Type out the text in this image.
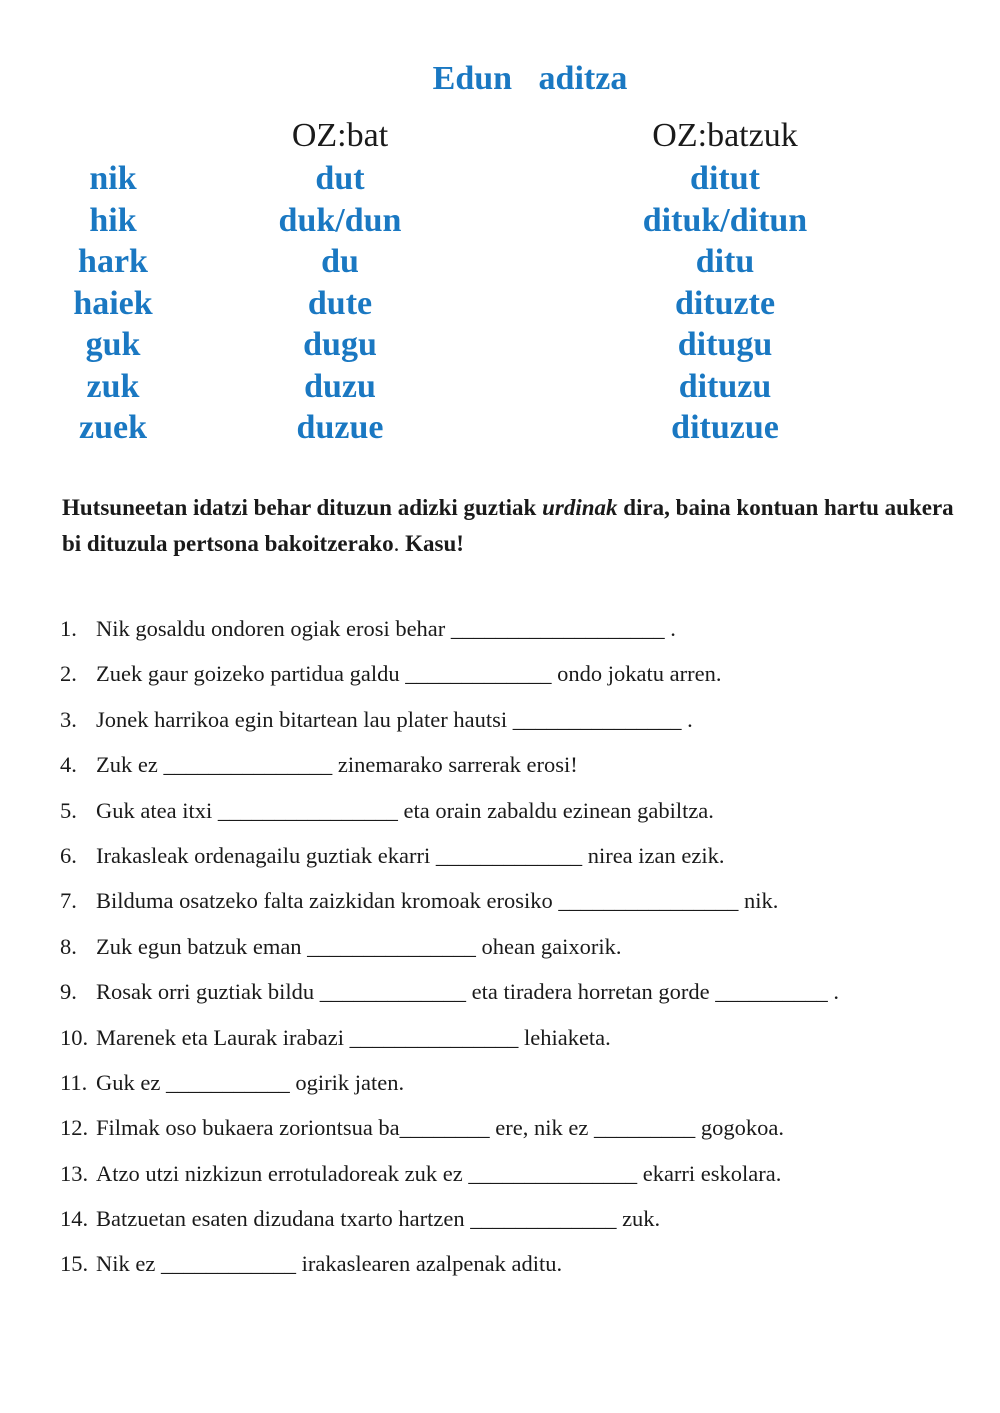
Edun aditza
OZ:bat	OZ:batzuk
nik	dut	ditut
hik	duk/dun	dituk/ditun
hark	du	ditu
haiek	dute	dituzte
guk	dugu	ditugu
zuk	duzu	dituzu
zuek	duzue	dituzue
Hutsuneetan idatzi behar dituzun adizki guztiak urdinak dira, baina kontuan hartu aukera bi dituzula pertsona bakoitzerako. Kasu!
1. Nik gosaldu ondoren ogiak erosi behar ___________________ .
2. Zuek gaur goizeko partidua galdu _____________ ondo jokatu arren.
3. Jonek harrikoa egin bitartean lau plater hautsi _______________ .
4. Zuk ez _______________ zinemarako sarrerak erosi!
5. Guk atea itxi ________________ eta orain zabaldu ezinean gabiltza.
6. Irakasleak ordenagailu guztiak ekarri _____________ nirea izan ezik.
7. Bilduma osatzeko falta zaizkidan kromoak erosiko ________________ nik.
8. Zuk egun batzuk eman _______________ ohean gaixorik.
9. Rosak orri guztiak bildu _____________ eta tiradera horretan gorde __________ .
10. Marenek eta Laurak irabazi _______________ lehiaketa.
11. Guk ez ___________ ogirik jaten.
12. Filmak oso bukaera zoriontsua ba________ ere, nik ez _________ gogokoa.
13. Atzo utzi nizkizun errotuladoreak zuk ez _______________ ekarri eskolara.
14. Batzuetan esaten dizudana txarto hartzen _____________ zuk.
15. Nik ez ____________ irakaslearen azalpenak aditu.
